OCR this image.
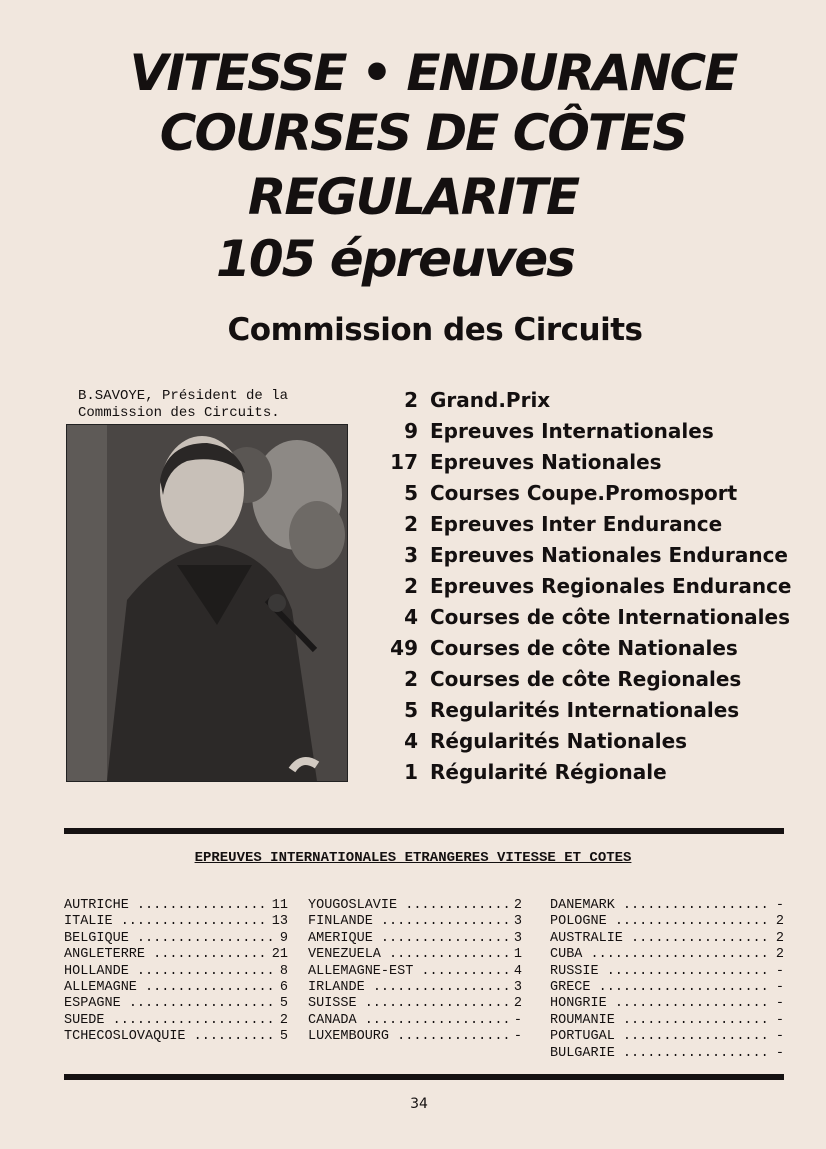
VITESSE • ENDURANCE
COURSES DE CÔTES
REGULARITE
105 épreuves
Commission des Circuits
B.SAVOYE, Président de la
Commission des Circuits.
2 Grand.Prix
9 Epreuves Internationales
17 Epreuves Nationales
5 Courses Coupe.Promosport
2 Epreuves Inter Endurance
3 Epreuves Nationales Endurance
2 Epreuves Regionales Endurance
4 Courses de côte Internationales
49 Courses de côte Nationales
2 Courses de côte Regionales
5 Regularités Internationales
4 Régularités Nationales
1 Régularité Régionale
EPREUVES INTERNATIONALES ETRANGERES VITESSE ET COTES
AUTRICHE .....	11
ITALIE .....	13
BELGIQUE .....	9
ANGLETERRE .....	21
HOLLANDE .....	8
ALLEMAGNE .....	6
ESPAGNE .....	5
SUEDE .....	2
TCHECOSLOVAQUIE .....	5
YOUGOSLAVIE .....	2
FINLANDE .....	3
AMERIQUE .....	3
VENEZUELA .....	1
ALLEMAGNE-EST .....	4
IRLANDE .....	3
SUISSE .....	2
CANADA .....	-
LUXEMBOURG .....	-
DANEMARK .....	-
POLOGNE .....	2
AUSTRALIE .....	2
CUBA .....	2
RUSSIE .....	-
GRECE .....	-
HONGRIE .....	-
ROUMANIE .....	-
PORTUGAL .....	-
BULGARIE .....	-

34
